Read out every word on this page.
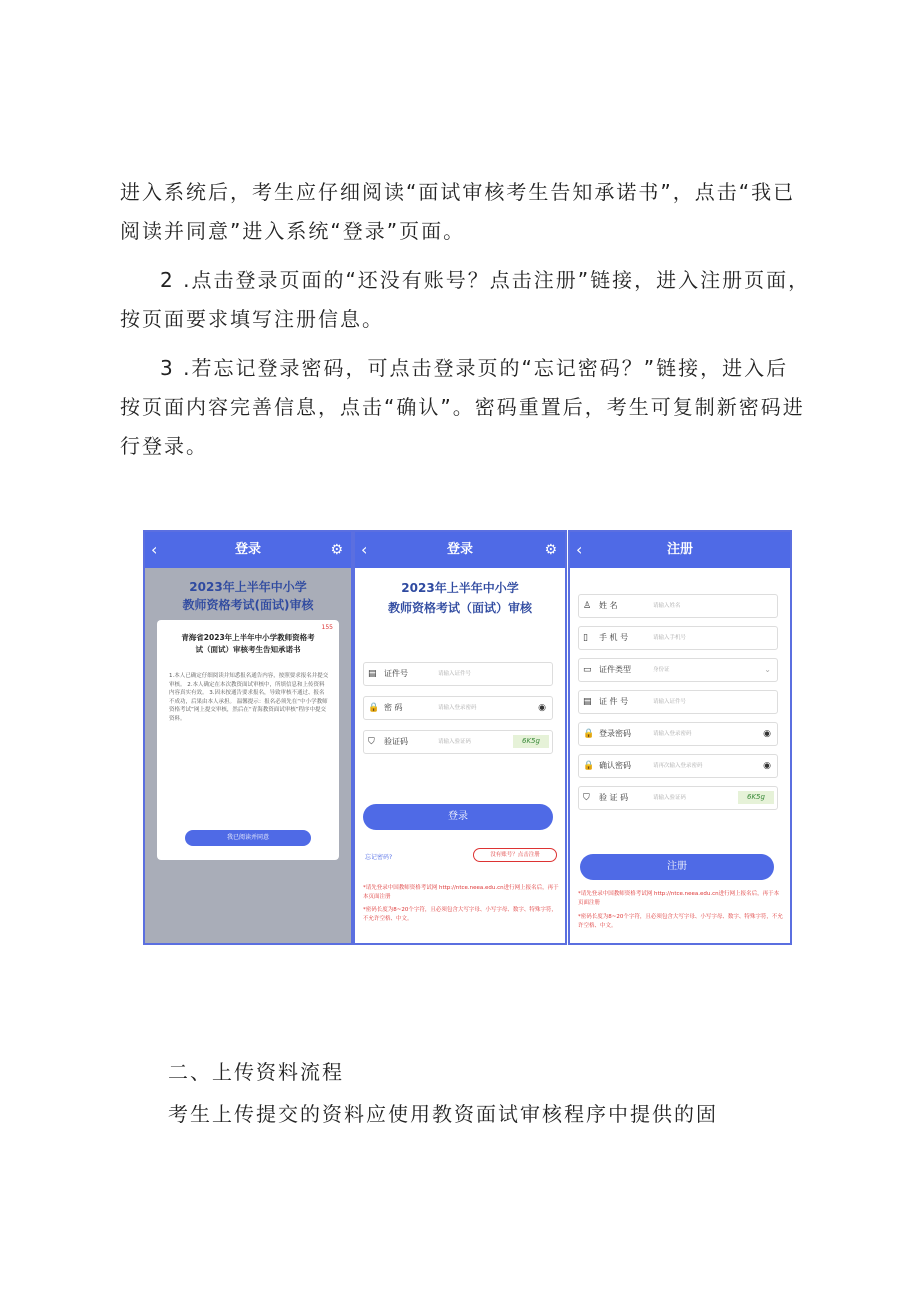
进入系统后，考生应仔细阅读“面试审核考生告知承诺书”，点击“我已
阅读并同意”进入系统“登录”页面。
2 .点击登录页面的“还没有账号？点击注册”链接，进入注册页面，
按页面要求填写注册信息。
3 .若忘记登录密码，可点击登录页的“忘记密码？”链接，进入后
按页面内容完善信息，点击“确认”。密码重置后，考生可复制新密码进
行登录。
‹	登录	⚙
2023年上半年中小学
教师资格考试(面试)审核
155
青海省2023年上半年中小学教师资格考
试（面试）审核考生告知承诺书
1.本人已确定仔细阅读并知悉报名通告内容，按照要求报名并提交审核。 2.本人确定在本次教资面试审核中，所填信息和上传资料内容真实有效。 3.因未按通告要求报名，导致审核不通过、报名不成功，后果由本人承担。 温馨提示：报名必须先在“中小学教师资格考试”网上提交审核，然后在“青海教资面试审核”程序中提交资料。
我已阅读并同意
‹	登录	⚙
2023年上半年中小学
教师资格考试（面试）审核
▤ 证件号	请输入证件号
🔒 密 码	请输入登录密码	◉
⛉ 验证码	请输入验证码	6K5g
登录
忘记密码?	没有账号？点击注册
*请先登录中国教师资格考试网 http://ntce.neea.edu.cn进行网上报名后，再于本页面注册
*密码长度为8~20个字符，且必须包含大写字母、小写字母、数字、特殊字符，不允许空格、中文。
‹	注册
♙ 姓 名	请输入姓名
▯ 手 机 号	请输入手机号
▭ 证件类型	身份证	⌄
▤ 证 件 号	请输入证件号
🔒 登录密码	请输入登录密码	◉
🔒 确认密码	请再次输入登录密码	◉
⛉ 验 证 码	请输入验证码	6K5g
注册
*请先登录中国教师资格考试网 http://ntce.neea.edu.cn进行网上报名后，再于本页面注册
*密码长度为8~20个字符，且必须包含大写字母、小写字母、数字、特殊字符，不允许空格、中文。
二、上传资料流程
考生上传提交的资料应使用教资面试审核程序中提供的固
